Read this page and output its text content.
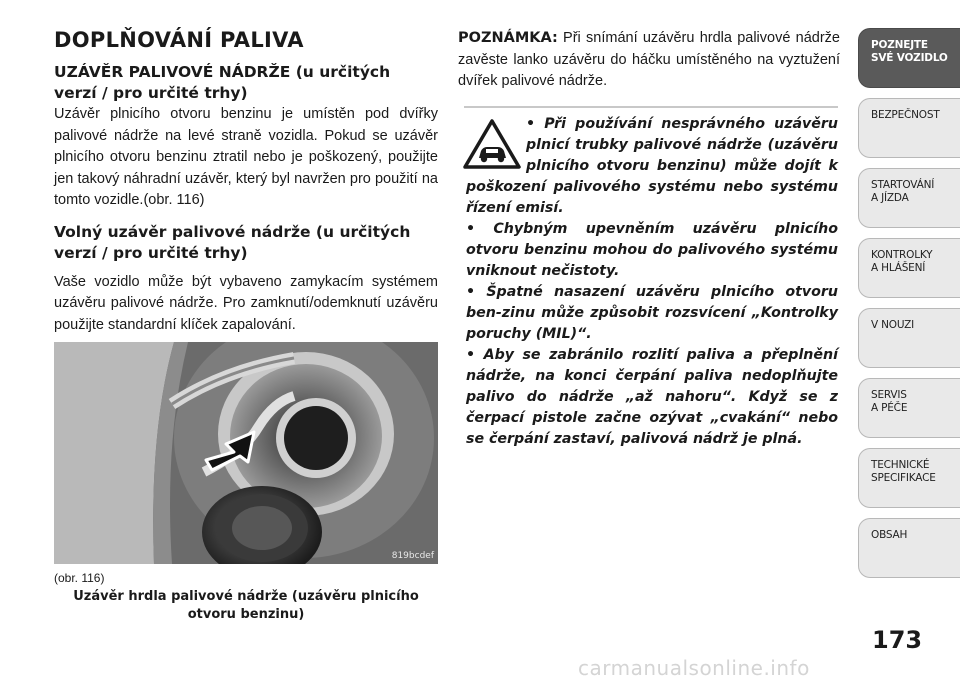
DOPLŇOVÁNÍ PALIVA
UZÁVĚR PALIVOVÉ NÁDRŽE (u určitých verzí / pro určité trhy)

Uzávěr plnicího otvoru benzinu je umístěn pod dvířky palivové nádrže na levé straně vozidla. Pokud se uzávěr plnicího otvoru benzinu ztratil nebo je poškozený, použijte jen takový náhradní uzávěr, který byl navržen pro použití na tomto vozidle.(obr. 116)

Volný uzávěr palivové nádrže (u určitých verzí / pro určité trhy)

Vaše vozidlo může být vybaveno zamykacím systémem uzávěru palivové nádrže. Pro zamknutí/odemknutí uzávěru použijte standardní klíček zapalování.

819bcdef
(obr. 116)
Uzávěr hrdla palivové nádrže (uzávěru plnicího otvoru benzinu)

POZNÁMKA: Při snímání uzávěru hrdla palivové nádrže zavěste lanko uzávěru do háčku umístěného na vyztužení dvířek palivové nádrže.

• Při používání nesprávného uzávěru plnicí trubky palivové nádrže (uzávěru plnicího otvoru benzinu) může dojít k poškození palivového systému nebo systému řízení emisí.

• Chybným upevněním uzávěru plnicího otvoru benzinu mohou do palivového systému vniknout nečistoty.

• Špatné nasazení uzávěru plnicího otvoru ben-zinu může způsobit rozsvícení „Kontrolky poruchy (MIL)“.

• Aby se zabránilo rozlití paliva a přeplnění nádrže, na konci čerpání paliva nedoplňujte palivo do nádrže „až nahoru“. Když se z čerpací pistole začne ozývat „cvakání“ nebo se čerpání zastaví, palivová nádrž je plná.

POZNEJTE
SVÉ VOZIDLO
BEZPEČNOST
STARTOVÁNÍ
A JÍZDA
KONTROLKY
A HLÁŠENÍ
V NOUZI
SERVIS
A PÉČE
TECHNICKÉ
SPECIFIKACE
OBSAH
173
carmanualsonline.info
